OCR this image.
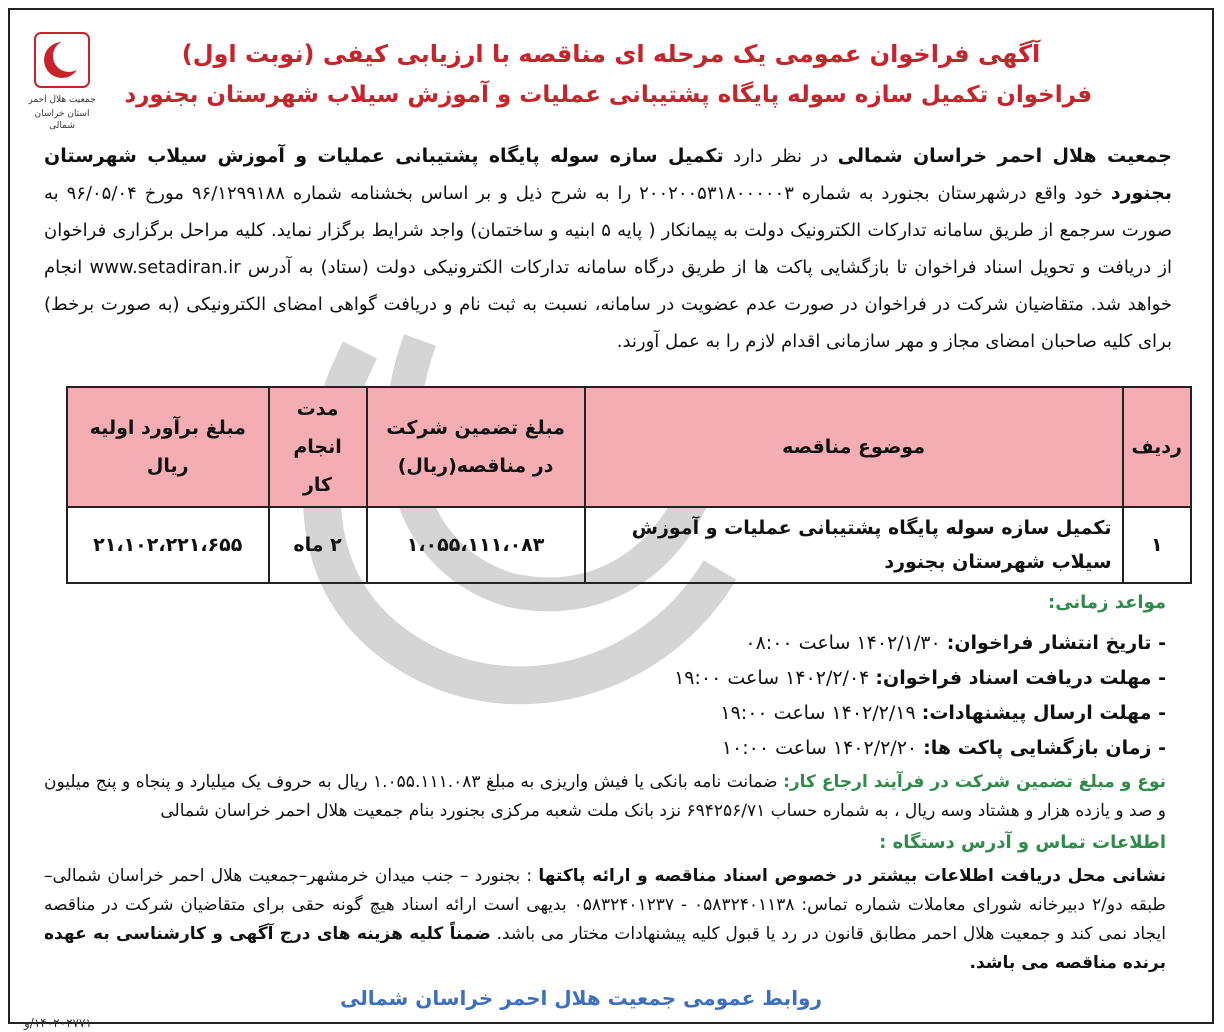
جمعیت هلال احمر
استان خراسان شمالی
آگهی فراخوان عمومی یک مرحله ای مناقصه با ارزیابی کیفی (نوبت اول)
فراخوان تکمیل سازه سوله پایگاه پشتیبانی عملیات و آموزش سیلاب شهرستان بجنورد
جمعیت هلال احمر خراسان شمالی در نظر دارد تکمیل سازه سوله پایگاه پشتیبانی عملیات و آموزش سیلاب شهرستان بجنورد خود واقع درشهرستان بجنورد به شماره ۲۰۰۲۰۰۵۳۱۸۰۰۰۰۰۳ را به شرح ذیل و بر اساس بخشنامه شماره ۹۶/۱۲۹۹۱۸۸ مورخ ۹۶/۰۵/۰۴ به صورت سرجمع از طریق سامانه تدارکات الکترونیک دولت به پیمانکار ( پایه ۵ ابنیه و ساختمان) واجد شرایط برگزار نماید. کلیه مراحل برگزاری فراخوان از دریافت و تحویل اسناد فراخوان تا بازگشایی پاکت ها از طریق درگاه سامانه تدارکات الکترونیکی دولت (ستاد) به آدرس www.setadiran.ir انجام خواهد شد. متقاضیان شرکت در فراخوان در صورت عدم عضویت در سامانه، نسبت به ثبت نام و دریافت گواهی امضای الکترونیکی (به صورت برخط) برای کلیه صاحبان امضای مجاز و مهر سازمانی اقدام لازم را به عمل آورند.
ردیف	موضوع مناقصه	مبلغ تضمین شرکت در مناقصه(ریال)	مدت انجام کار	مبلغ برآورد اولیه ریال
۱	تکمیل سازه سوله پایگاه پشتیبانی عملیات و آموزش سیلاب شهرستان بجنورد	۱،۰۵۵،۱۱۱،۰۸۳	۲ ماه	۲۱،۱۰۲،۲۲۱،۶۵۵
مواعد زمانی:
- تاریخ انتشار فراخوان: ۱۴۰۲/۱/۳۰ ساعت ۰۸:۰۰
- مهلت دریافت اسناد فراخوان: ۱۴۰۲/۲/۰۴ ساعت ۱۹:۰۰
- مهلت ارسال پیشنهادات: ۱۴۰۲/۲/۱۹ ساعت ۱۹:۰۰
- زمان بازگشایی پاکت ها: ۱۴۰۲/۲/۲۰ ساعت ۱۰:۰۰
نوع و مبلغ تضمین شرکت در فرآیند ارجاع کار: ضمانت نامه بانکی یا فیش واریزی به مبلغ ۱.۰۵۵.۱۱۱.۰۸۳ ریال به حروف یک میلیارد و پنجاه و پنج میلیون و صد و یازده هزار و هشتاد وسه ریال ، به شماره حساب ۶۹۴۲۵۶/۷۱ نزد بانک ملت شعبه مرکزی بجنورد بنام جمعیت هلال احمر خراسان شمالی
اطلاعات تماس و آدرس دستگاه :
نشانی محل دریافت اطلاعات بیشتر در خصوص اسناد مناقصه و ارائه پاکتها : بجنورد – جنب میدان خرمشهر–جمعیت هلال احمر خراسان شمالی– طبقه دو/۲ دبیرخانه شورای معاملات شماره تماس: ۰۵۸۳۲۴۰۱۱۳۸ - ۰۵۸۳۲۴۰۱۲۳۷ بدیهی است ارائه اسناد هیچ گونه حقی برای متقاضیان شرکت در مناقصه ایجاد نمی کند و جمعیت هلال احمر مطابق قانون در رد یا قبول کلیه پیشنهادات مختار می باشد. ضمناً کلیه هزینه های درج آگهی و کارشناسی به عهده برنده مناقصه می باشد.
روابط عمومی جمعیت هلال احمر خراسان شمالی
۱۴۰۲۰۲۷۷۱/و
